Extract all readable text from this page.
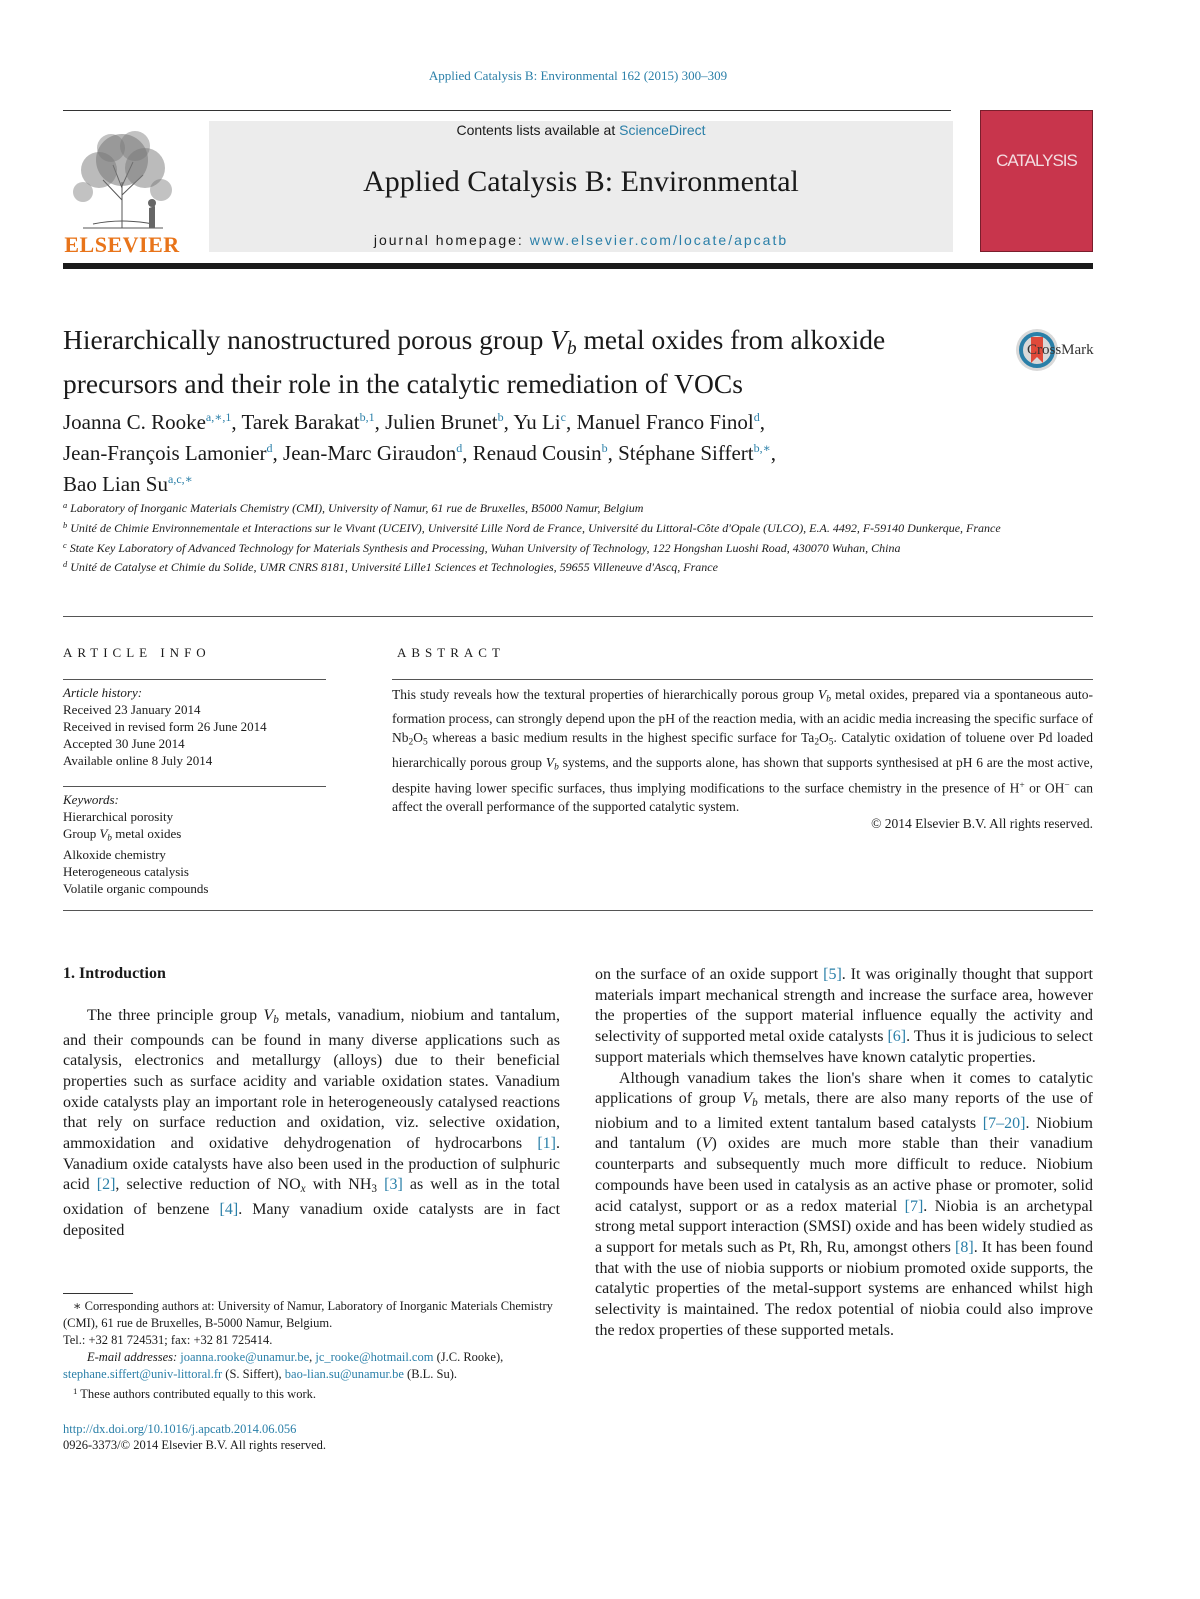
Applied Catalysis B: Environmental 162 (2015) 300–309
ELSEVIER
Contents lists available at ScienceDirect
Applied Catalysis B: Environmental
journal homepage: www.elsevier.com/locate/apcatb
CATALYSIS
Hierarchically nanostructured porous group $V_b$ metal oxides from alkoxide precursors and their role in the catalytic remediation of VOCs
CrossMark
Joanna C. Rooke$^{a,∗,1}$, Tarek Barakat$^{b,1}$, Julien Brunet$^b$, Yu Li$^c$, Manuel Franco Finol$^d$,
Jean-François Lamonier$^d$, Jean-Marc Giraudon$^d$, Renaud Cousin$^b$, Stéphane Siffert$^{b,∗}$,
Bao Lian $Su^{a,c,∗}$
$^a$ Laboratory of Inorganic Materials Chemistry (CMI), University of Namur, 61 rue de Bruxelles, B5000 Namur, Belgium
$^b$ Unité de Chimie Environnementale et Interactions sur le Vivant (UCEIV), Université Lille Nord de France, Université du Littoral-Côte d'Opale (ULCO), E.A. 4492, F-59140 Dunkerque, France
$^c$ State Key Laboratory of Advanced Technology for Materials Synthesis and Processing, Wuhan University of Technology, 122 Hongshan Luoshi Road, 430070 Wuhan, China
$^d$ Unité de Catalyse et Chimie du Solide, UMR CNRS 8181, Université Lille1 Sciences et Technologies, 59655 Villeneuve d'Ascq, France
ARTICLE INFO
Article history:
Received 23 January 2014
Received in revised form 26 June 2014
Accepted 30 June 2014
Available online 8 July 2014
Keywords:
Hierarchical porosity
Group $V_b$ metal oxides
Alkoxide chemistry
Heterogeneous catalysis
Volatile organic compounds
ABSTRACT
This study reveals how the textural properties of hierarchically porous group $V_b$ metal oxides, prepared via a spontaneous auto-formation process, can strongly depend upon the pH of the reaction media, with an acidic media increasing the specific surface of $Nb_2O_5$ whereas a basic medium results in the highest specific surface for $Ta_2O_5$. Catalytic oxidation of toluene over Pd loaded hierarchically porous group $V_b$ systems, and the supports alone, has shown that supports synthesised at pH 6 are the most active, despite having lower specific surfaces, thus implying modifications to the surface chemistry in the presence of H+ or OH− can affect the overall performance of the supported catalytic system.
© 2014 Elsevier B.V. All rights reserved.
1. Introduction
The three principle group $V_b$ metals, vanadium, niobium and tantalum, and their compounds can be found in many diverse applications such as catalysis, electronics and metallurgy (alloys) due to their beneficial properties such as surface acidity and variable oxidation states. Vanadium oxide catalysts play an important role in heterogeneously catalysed reactions that rely on surface reduction and oxidation, viz. selective oxidation, ammoxidation and oxidative dehydrogenation of hydrocarbons [1]. Vanadium oxide catalysts have also been used in the production of sulphuric acid [2], selective reduction of $NO_x$ with $NH_3$ [3] as well as in the total oxidation of benzene [4]. Many vanadium oxide catalysts are in fact deposited

on the surface of an oxide support [5]. It was originally thought that support materials impart mechanical strength and increase the surface area, however the properties of the support material influence equally the activity and selectivity of supported metal oxide catalysts [6]. Thus it is judicious to select support materials which themselves have known catalytic properties.

Although vanadium takes the lion's share when it comes to catalytic applications of group $V_b$ metals, there are also many reports of the use of niobium and to a limited extent tantalum based catalysts [7–20]. Niobium and tantalum (V) oxides are much more stable than their vanadium counterparts and subsequently much more difficult to reduce. Niobium compounds have been used in catalysis as an active phase or promoter, solid acid catalyst, support or as a redox material [7]. Niobia is an archetypal strong metal support interaction (SMSI) oxide and has been widely studied as a support for metals such as Pt, Rh, Ru, amongst others [8]. It has been found that with the use of niobia supports or niobium promoted oxide supports, the catalytic properties of the metal-support systems are enhanced whilst high selectivity is maintained. The redox potential of niobia could also improve the redox properties of these supported metals.

∗ Corresponding authors at: University of Namur, Laboratory of Inorganic Materials Chemistry (CMI), 61 rue de Bruxelles, B-5000 Namur, Belgium.
Tel.: +32 81 724531; fax: +32 81 725414.
E-mail addresses: joanna.rooke@unamur.be, jc_rooke@hotmail.com (J.C. Rooke), stephane.siffert@univ-littoral.fr (S. Siffert), bao-lian.su@unamur.be (B.L. Su).
$^1$ These authors contributed equally to this work.
http://dx.doi.org/10.1016/j.apcatb.2014.06.056
0926-3373/© 2014 Elsevier B.V. All rights reserved.
